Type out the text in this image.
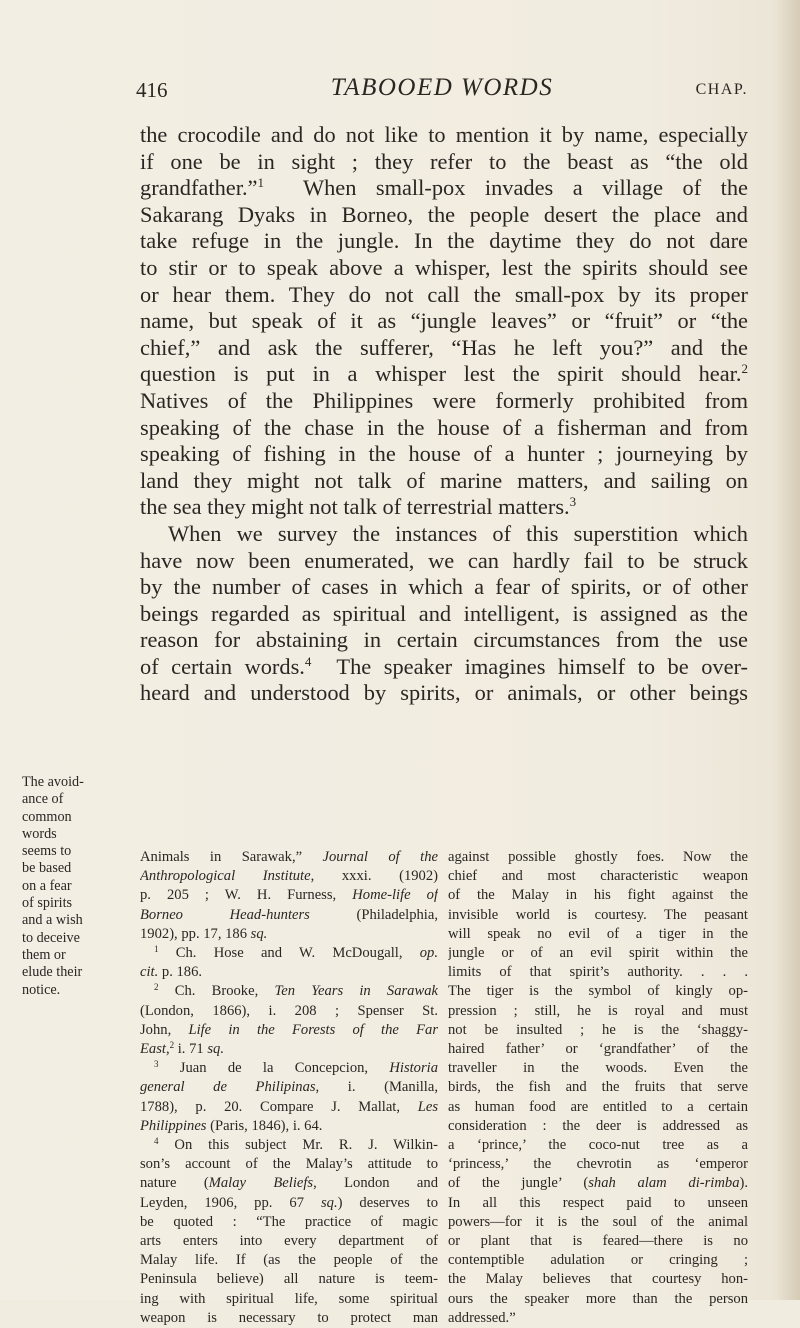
416	TABOOED WORDS	CHAP.
the crocodile and do not like to mention it by name, especially
if one be in sight ; they refer to the beast as “the old
grandfather.”$^1$ When small-pox invades a village of the
Sakarang Dyaks in Borneo, the people desert the place and
take refuge in the jungle. In the daytime they do not dare
to stir or to speak above a whisper, lest the spirits should see
or hear them. They do not call the small-pox by its proper
name, but speak of it as “jungle leaves” or “fruit” or “the
chief,” and ask the sufferer, “Has he left you?” and the
question is put in a whisper lest the spirit should hear.$^2$
Natives of the Philippines were formerly prohibited from
speaking of the chase in the house of a fisherman and from
speaking of fishing in the house of a hunter ; journeying by
land they might not talk of marine matters, and sailing on
the sea they might not talk of terrestrial matters.$^3$
When we survey the instances of this superstition which
have now been enumerated, we can hardly fail to be struck
by the number of cases in which a fear of spirits, or of other
beings regarded as spiritual and intelligent, is assigned as the
reason for abstaining in certain circumstances from the use
of certain words.$^4$ The speaker imagines himself to be over-
heard and understood by spirits, or animals, or other beings
The avoid-
ance of
common
words
seems to
be based
on a fear
of spirits
and a wish
to deceive
them or
elude their
notice.
Animals in Sarawak,” Journal of the
Anthropological Institute, xxxi. (1902)
p. 205 ; W. H. Furness, Home-life of
Borneo Head-hunters (Philadelphia,
1902), pp. 17, 186 sq.
$^1$ Ch. Hose and W. McDougall, op.
cit. p. 186.
$^2$ Ch. Brooke, Ten Years in Sarawak
(London, 1866), i. 208 ; Spenser St.
John, Life in the Forests of the Far
East,$^2$ i. 71 sq.
$^3$ Juan de la Concepcion, Historia
general de Philipinas, i. (Manilla,
1788), p. 20. Compare J. Mallat, Les
Philippines (Paris, 1846), i. 64.
$^4$ On this subject Mr. R. J. Wilkin-
son’s account of the Malay’s attitude to
nature (Malay Beliefs, London and
Leyden, 1906, pp. 67 sq.) deserves to
be quoted : “The practice of magic
arts enters into every department of
Malay life. If (as the people of the
Peninsula believe) all nature is teem-
ing with spiritual life, some spiritual
weapon is necessary to protect man
against possible ghostly foes. Now the
chief and most characteristic weapon
of the Malay in his fight against the
invisible world is courtesy. The peasant
will speak no evil of a tiger in the
jungle or of an evil spirit within the
limits of that spirit’s authority. . . .
The tiger is the symbol of kingly op-
pression ; still, he is royal and must
not be insulted ; he is the ‘shaggy-
haired father’ or ‘grandfather’ of the
traveller in the woods. Even the
birds, the fish and the fruits that serve
as human food are entitled to a certain
consideration : the deer is addressed as
a ‘prince,’ the coco-nut tree as a
‘princess,’ the chevrotin as ‘emperor
of the jungle’ (shah alam di-rimba).
In all this respect paid to unseen
powers—for it is the soul of the animal
or plant that is feared—there is no
contemptible adulation or cringing ;
the Malay believes that courtesy hon-
ours the speaker more than the person
addressed.”
